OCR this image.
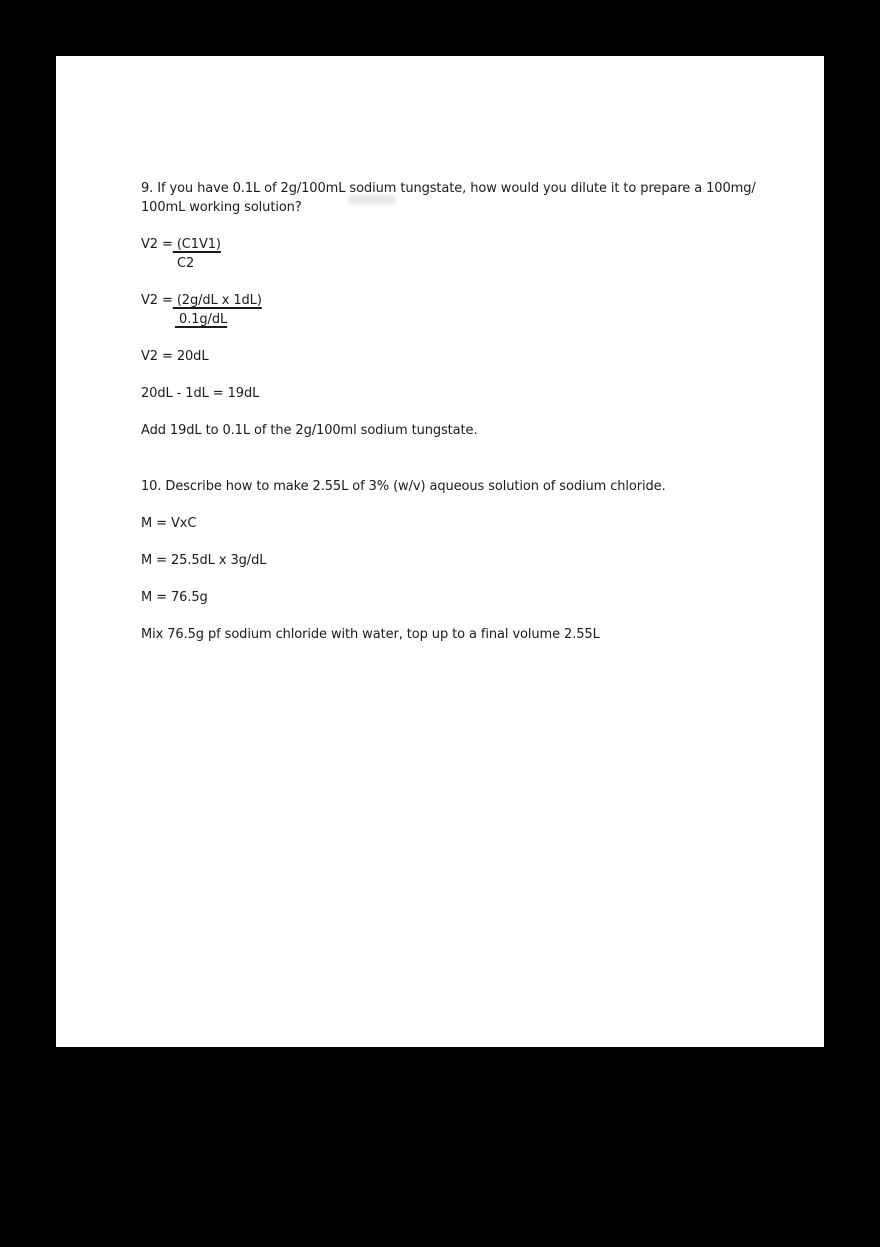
9. If you have 0.1L of 2g/100mL sodium tungstate, how would you dilute it to prepare a 100mg/
100mL working solution?
V2 = (C1V1)
C2
V2 = (2g/dL x 1dL)
0.1g/dL
V2 = 20dL
20dL - 1dL = 19dL
Add 19dL to 0.1L of the 2g/100ml sodium tungstate.
10. Describe how to make 2.55L of 3% (w/v) aqueous solution of sodium chloride.
M = VxC
M = 25.5dL x 3g/dL
M = 76.5g
Mix 76.5g pf sodium chloride with water, top up to a final volume 2.55L
